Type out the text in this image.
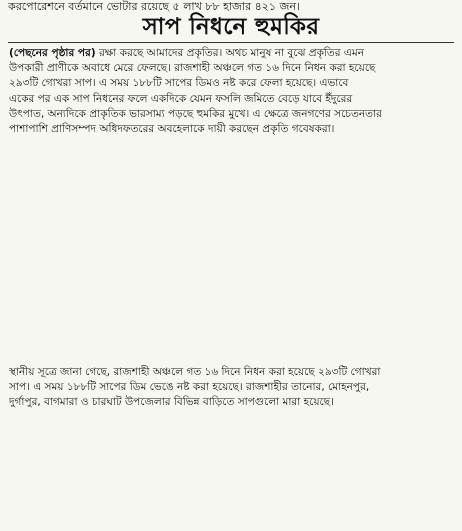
করপোরেশনে বর্তমানে ভোটার রয়েছে ৫ লাখ ৮৮ হাজার ৪২১ জন।
সাপ নিধনে হুমকির
(পেছনের পৃষ্ঠার পর) রক্ষা করছে আমাদের প্রকৃতির। অথচ মানুষ না বুঝে প্রকৃতির এমন
উপকারী প্রাণীকে অবাধে মেরে ফেলছে। রাজশাহী অঞ্চলে গত ১৬ দিনে নিধন করা হয়েছে
২৯৩টি গোখরা সাপ। এ সময় ১৮৮টি সাপের ডিমও নষ্ট করে ফেলা হয়েছে। এভাবে
একের পর এক সাপ নিধনের ফলে একদিকে যেমন ফসলি জমিতে বেড়ে যাবে ইঁদুরের
উৎপাত, অন্যদিকে প্রাকৃতিক ভারসাম্য পড়ছে হুমকির মুখে। এ ক্ষেত্রে জনগণের সচেতনতার
পাশাপাশি প্রাণিসম্পদ অধিদফতরের অবহেলাকে দায়ী করছেন প্রকৃতি গবেষকরা।
স্থানীয় সূত্রে জানা গেছে, রাজশাহী অঞ্চলে গত ১৬ দিনে নিধন করা হয়েছে ২৯৩টি গোখরা
সাপ। এ সময় ১৮৮টি সাপের ডিম ভেঙে নষ্ট করা হয়েছে। রাজশাহীর তানোর, মোহনপুর,
দুর্গাপুর, বাগমারা ও চারঘাট উপজেলার বিভিন্ন বাড়িতে সাপগুলো মারা হয়েছে।
